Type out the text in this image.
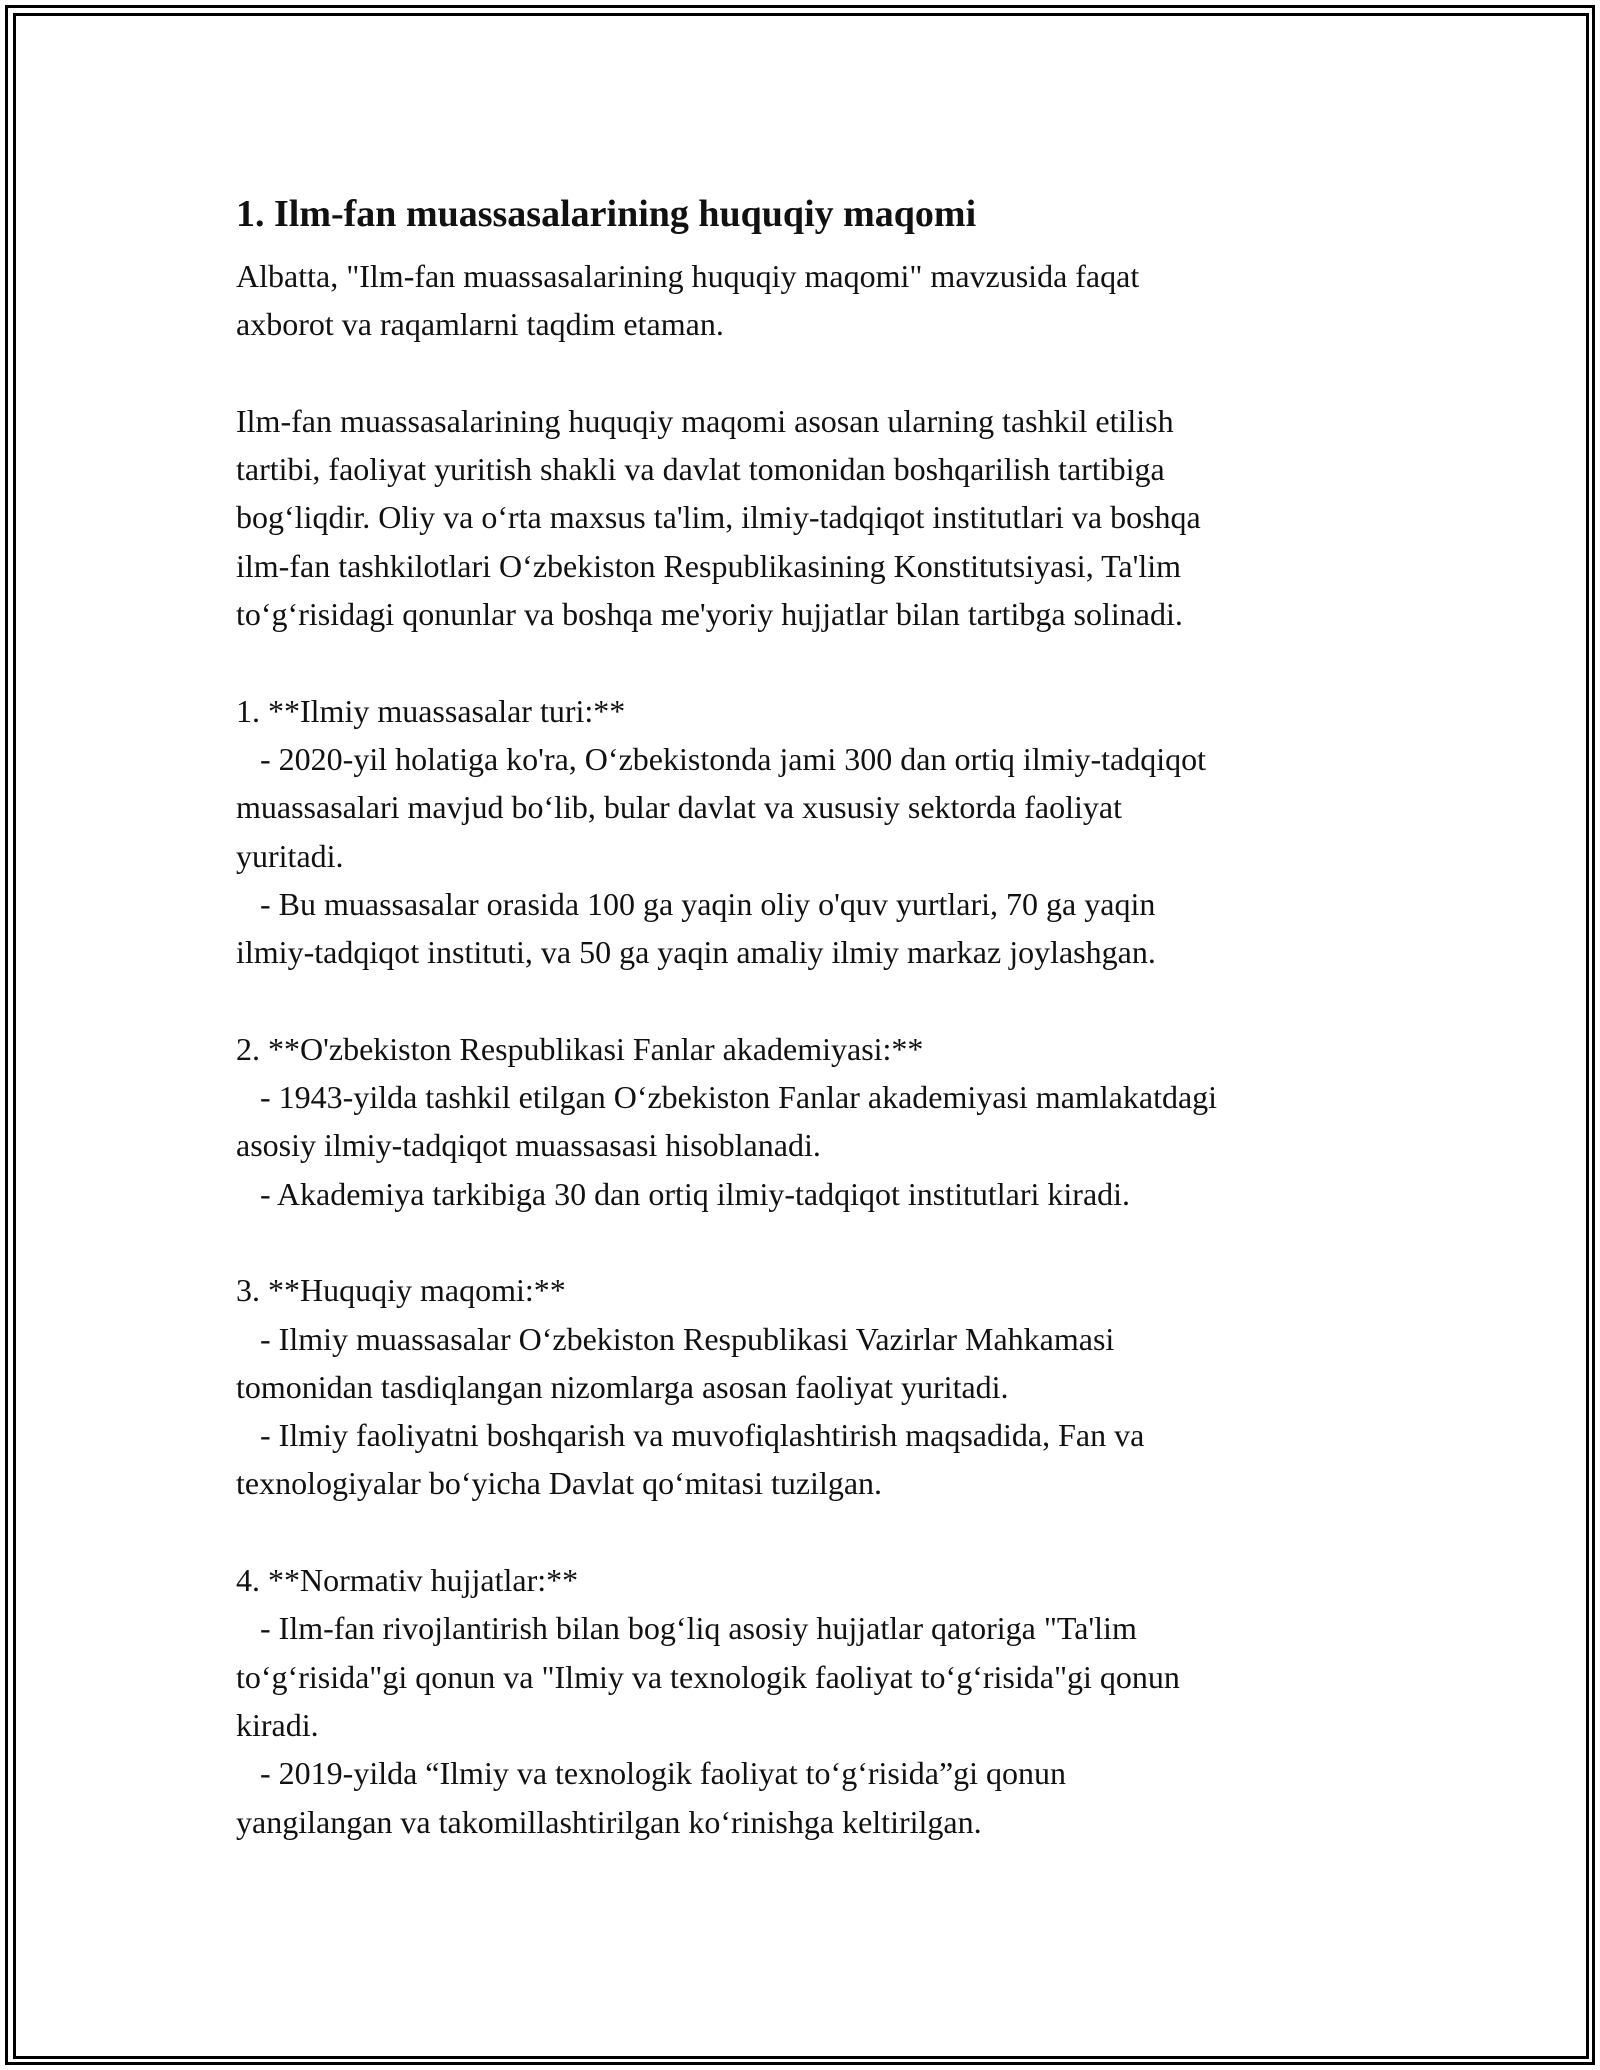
1. Ilm-fan muassasalarining huquqiy maqomi
Albatta, "Ilm-fan muassasalarining huquqiy maqomi" mavzusida faqat
axborot va raqamlarni taqdim etaman.
Ilm-fan muassasalarining huquqiy maqomi asosan ularning tashkil etilish
tartibi, faoliyat yuritish shakli va davlat tomonidan boshqarilish tartibiga
bog‘liqdir. Oliy va o‘rta maxsus ta'lim, ilmiy-tadqiqot institutlari va boshqa
ilm-fan tashkilotlari O‘zbekiston Respublikasining Konstitutsiyasi, Ta'lim
to‘g‘risidagi qonunlar va boshqa me'yoriy hujjatlar bilan tartibga solinadi.
1. **Ilmiy muassasalar turi:**
- 2020-yil holatiga ko'ra, O‘zbekistonda jami 300 dan ortiq ilmiy-tadqiqot
muassasalari mavjud bo‘lib, bular davlat va xususiy sektorda faoliyat
yuritadi.
- Bu muassasalar orasida 100 ga yaqin oliy o'quv yurtlari, 70 ga yaqin
ilmiy-tadqiqot instituti, va 50 ga yaqin amaliy ilmiy markaz joylashgan.
2. **O'zbekiston Respublikasi Fanlar akademiyasi:**
- 1943-yilda tashkil etilgan O‘zbekiston Fanlar akademiyasi mamlakatdagi
asosiy ilmiy-tadqiqot muassasasi hisoblanadi.
- Akademiya tarkibiga 30 dan ortiq ilmiy-tadqiqot institutlari kiradi.
3. **Huquqiy maqomi:**
- Ilmiy muassasalar O‘zbekiston Respublikasi Vazirlar Mahkamasi
tomonidan tasdiqlangan nizomlarga asosan faoliyat yuritadi.
- Ilmiy faoliyatni boshqarish va muvofiqlashtirish maqsadida, Fan va
texnologiyalar bo‘yicha Davlat qo‘mitasi tuzilgan.
4. **Normativ hujjatlar:**
- Ilm-fan rivojlantirish bilan bog‘liq asosiy hujjatlar qatoriga "Ta'lim
to‘g‘risida"gi qonun va "Ilmiy va texnologik faoliyat to‘g‘risida"gi qonun
kiradi.
- 2019-yilda “Ilmiy va texnologik faoliyat to‘g‘risida”gi qonun
yangilangan va takomillashtirilgan ko‘rinishga keltirilgan.
